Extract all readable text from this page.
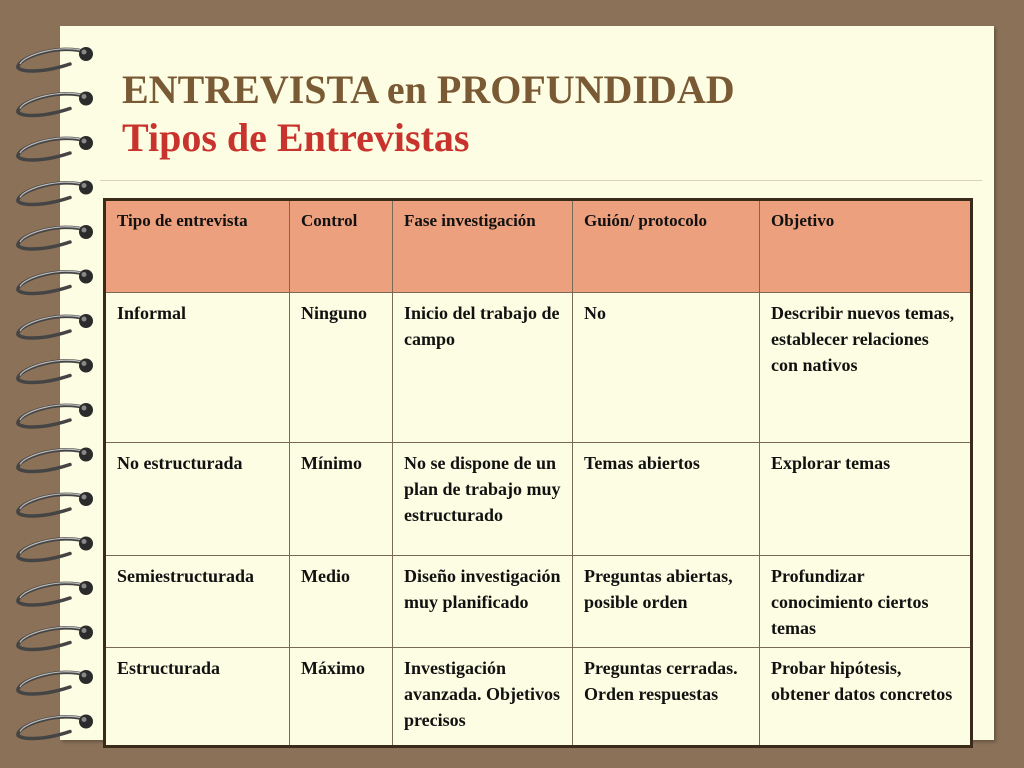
ENTREVISTA en PROFUNDIDAD
Tipos de Entrevistas
Tipo de entrevista	Control	Fase investigación	Guión/ protocolo	Objetivo
Informal	Ninguno	Inicio del trabajo de campo	No	Describir nuevos temas, establecer relaciones con nativos
No estructurada	Mínimo	No se dispone de un plan de trabajo muy estructurado	Temas abiertos	Explorar temas
Semiestructurada	Medio	Diseño investigación muy planificado	Preguntas abiertas, posible orden	Profundizar conocimiento ciertos temas
Estructurada	Máximo	Investigación avanzada. Objetivos precisos	Preguntas cerradas. Orden respuestas	Probar hipótesis, obtener datos concretos
